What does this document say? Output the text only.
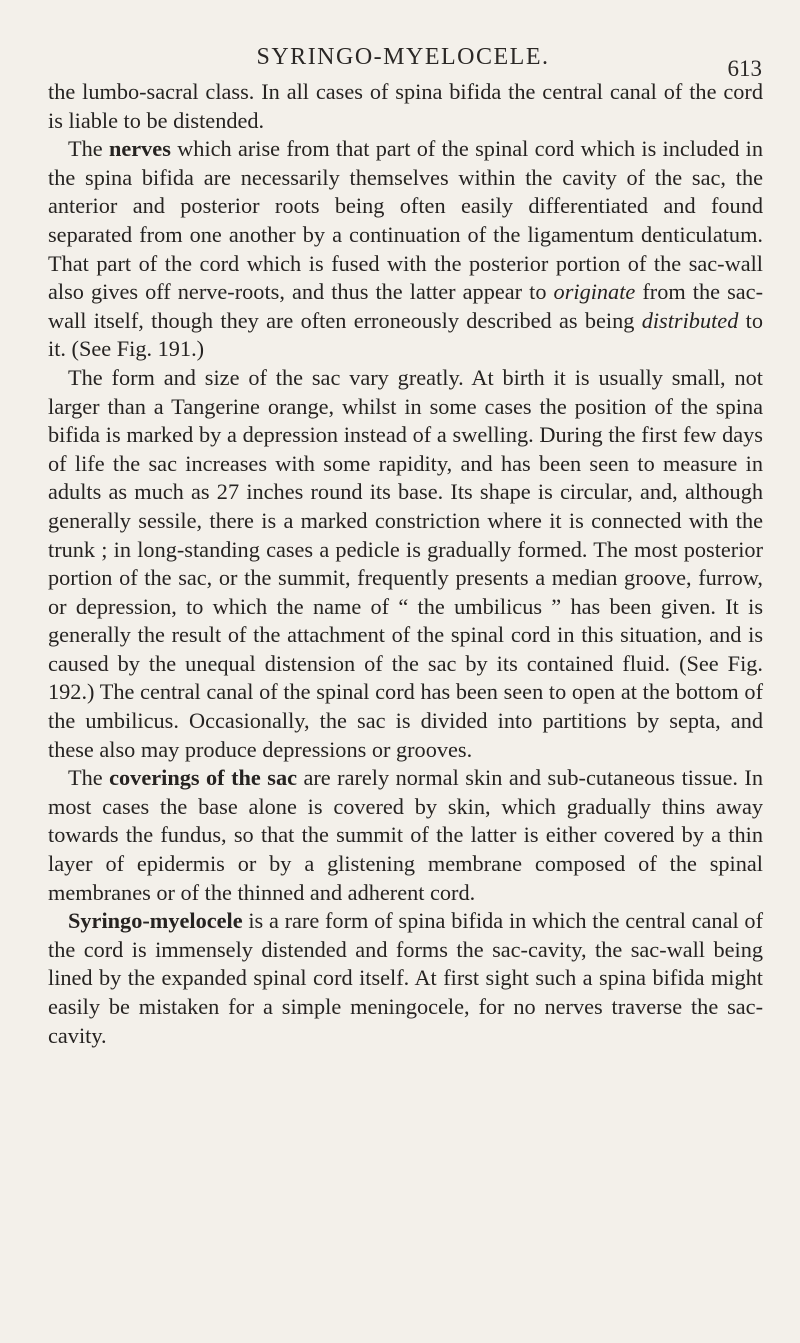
SYRINGO-MYELOCELE.	613

the lumbo-sacral class. In all cases of spina bifida the central canal of the cord is liable to be distended.

The nerves which arise from that part of the spinal cord which is included in the spina bifida are necessarily themselves within the cavity of the sac, the anterior and posterior roots being often easily differentiated and found separated from one another by a continuation of the ligamentum denticulatum. That part of the cord which is fused with the posterior portion of the sac-wall also gives off nerve-roots, and thus the latter appear to originate from the sac-wall itself, though they are often erroneously described as being distributed to it. (See Fig. 191.)

The form and size of the sac vary greatly. At birth it is usually small, not larger than a Tangerine orange, whilst in some cases the position of the spina bifida is marked by a depression instead of a swelling. During the first few days of life the sac increases with some rapidity, and has been seen to measure in adults as much as 27 inches round its base. Its shape is circular, and, although generally sessile, there is a marked constriction where it is connected with the trunk ; in long-standing cases a pedicle is gradually formed. The most posterior portion of the sac, or the summit, frequently presents a median groove, furrow, or depression, to which the name of “ the umbilicus ” has been given. It is generally the result of the attachment of the spinal cord in this situation, and is caused by the unequal distension of the sac by its contained fluid. (See Fig. 192.) The central canal of the spinal cord has been seen to open at the bottom of the umbilicus. Occasionally, the sac is divided into partitions by septa, and these also may produce depressions or grooves.

The coverings of the sac are rarely normal skin and sub-cutaneous tissue. In most cases the base alone is covered by skin, which gradually thins away towards the fundus, so that the summit of the latter is either covered by a thin layer of epidermis or by a glistening membrane composed of the spinal membranes or of the thinned and adherent cord.

Syringo-myelocele is a rare form of spina bifida in which the central canal of the cord is immensely distended and forms the sac-cavity, the sac-wall being lined by the expanded spinal cord itself. At first sight such a spina bifida might easily be mistaken for a simple meningocele, for no nerves traverse the sac-cavity.
